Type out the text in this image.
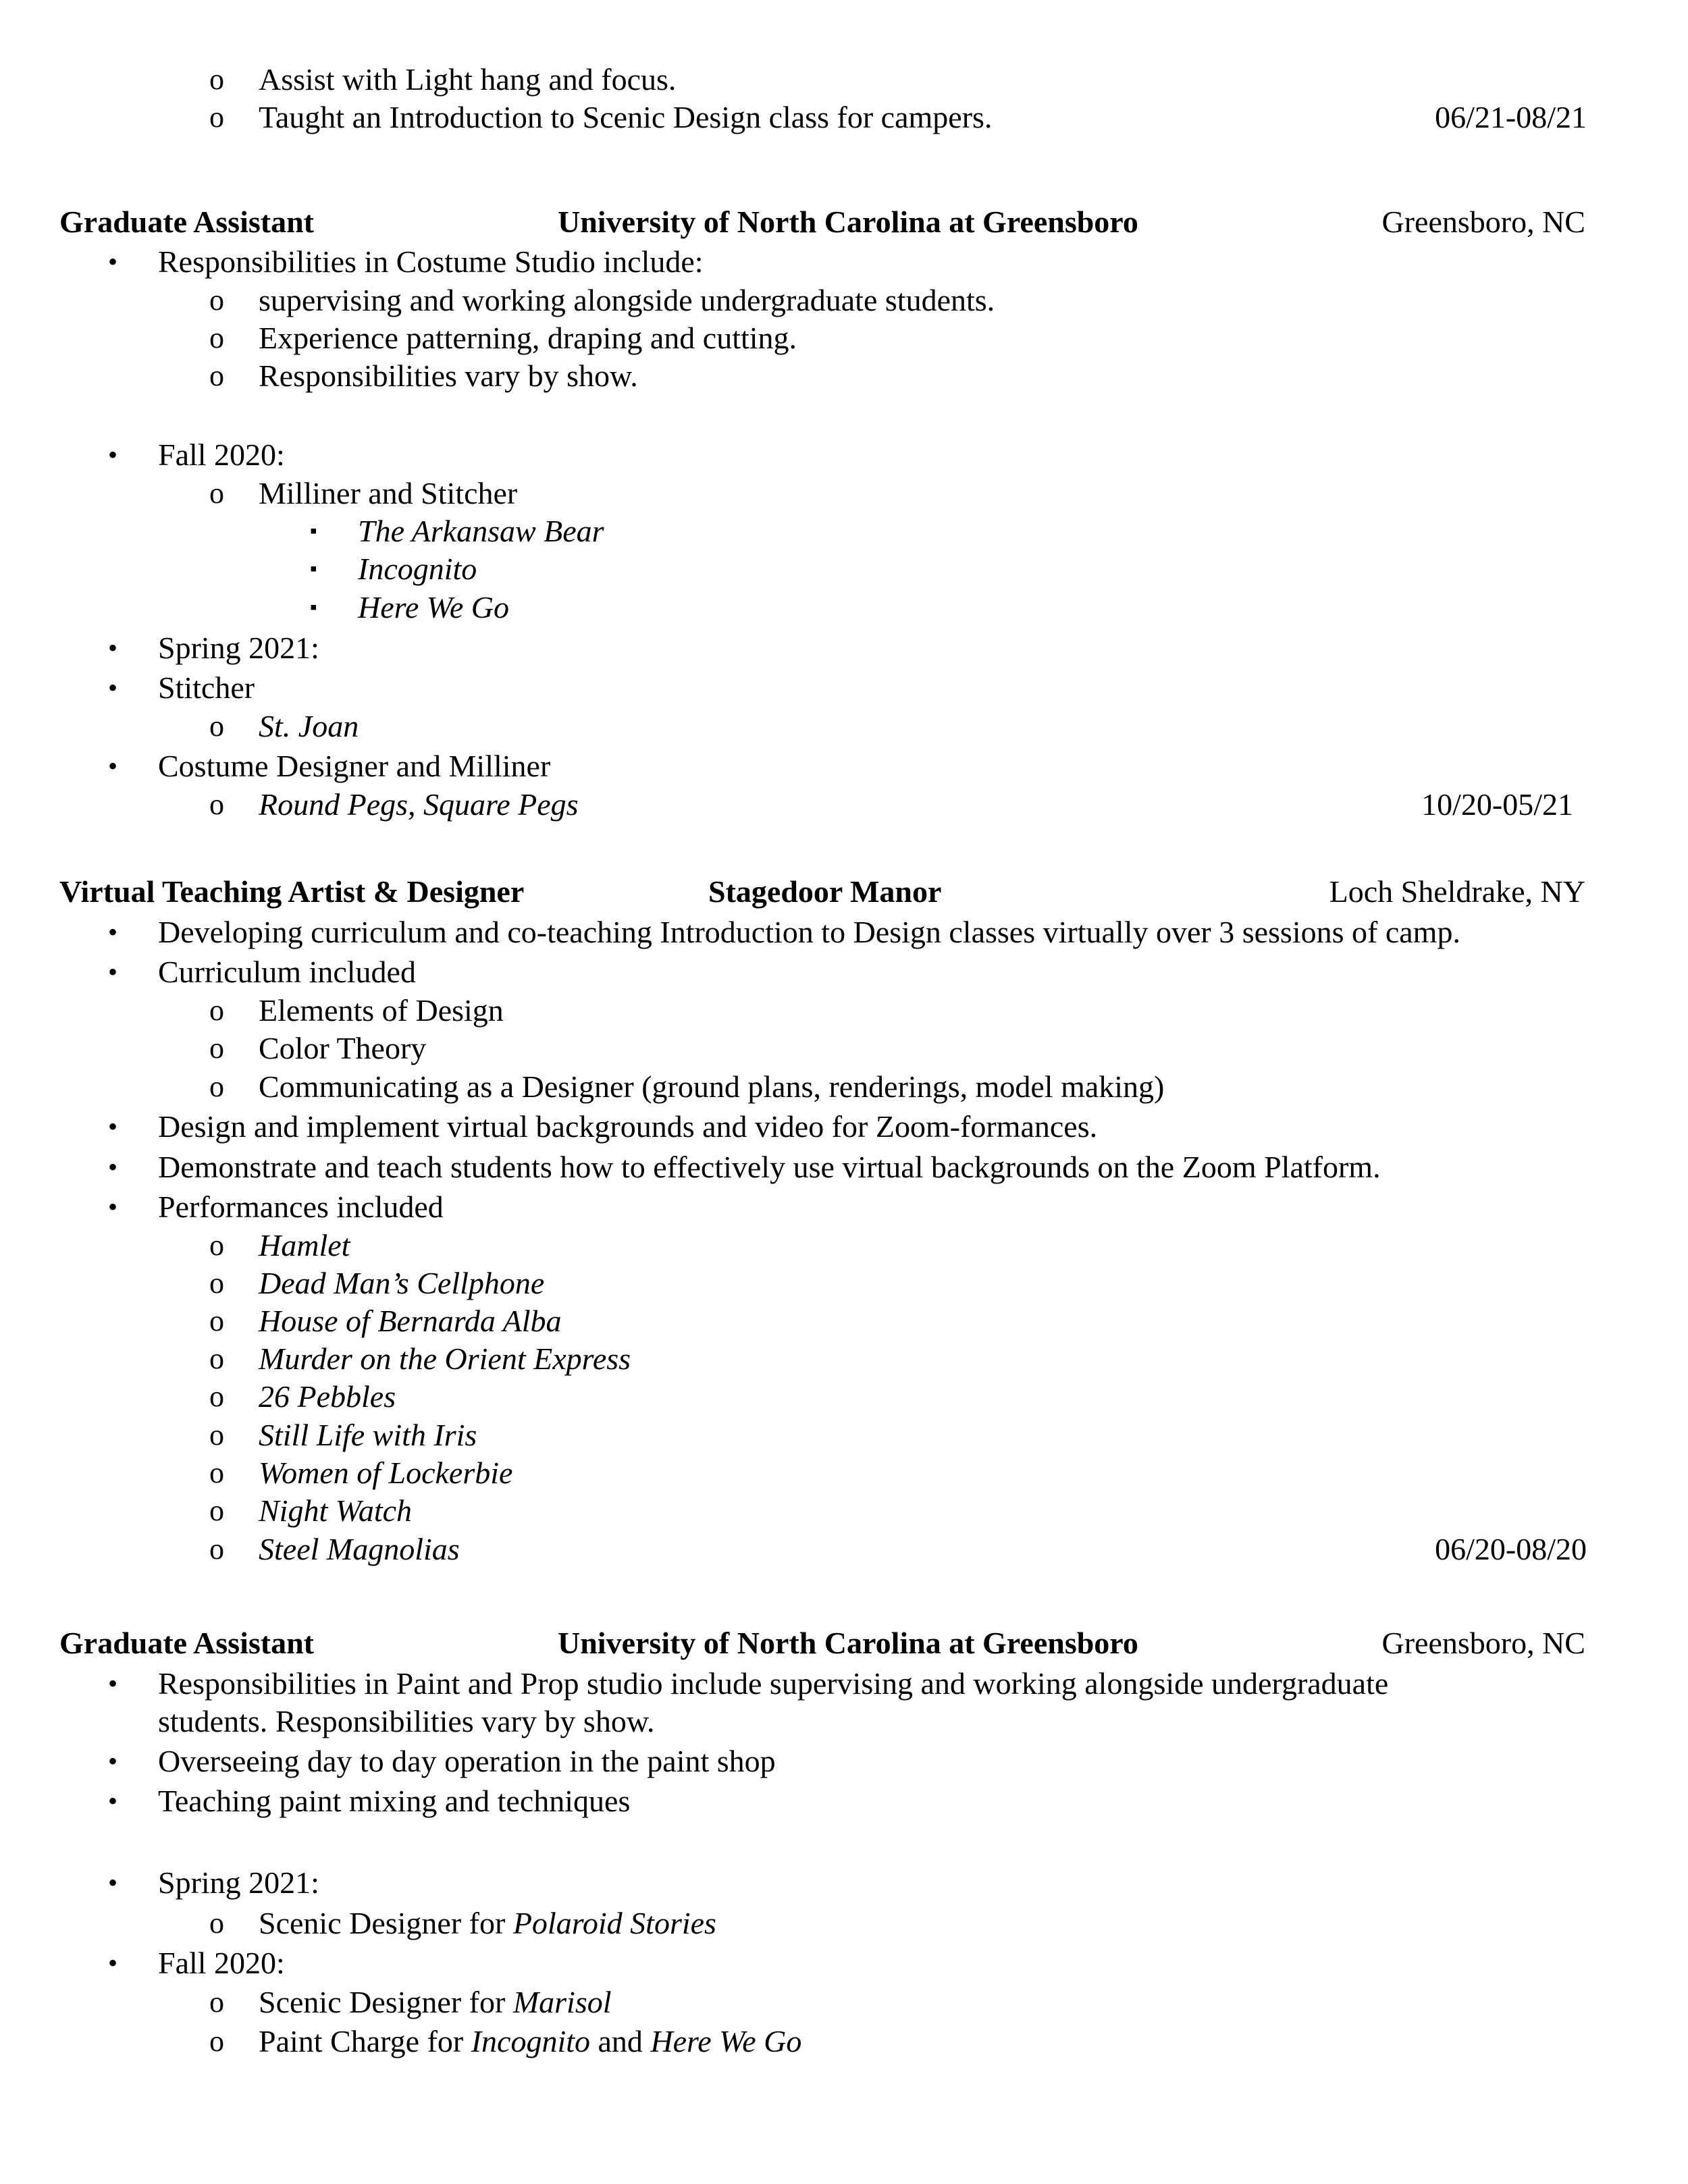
o Assist with Light hang and focus.
o Taught an Introduction to Scenic Design class for campers.	06/21-08/21
Graduate Assistant	University of North Carolina at Greensboro	Greensboro, NC
• Responsibilities in Costume Studio include:
o supervising and working alongside undergraduate students.
o Experience patterning, draping and cutting.
o Responsibilities vary by show.
• Fall 2020:
o Milliner and Stitcher
▪ The Arkansaw Bear
▪ Incognito
▪ Here We Go
• Spring 2021:
• Stitcher
o St. Joan
• Costume Designer and Milliner
o Round Pegs, Square Pegs	10/20-05/21
Virtual Teaching Artist & Designer	Stagedoor Manor	Loch Sheldrake, NY
• Developing curriculum and co-teaching Introduction to Design classes virtually over 3 sessions of camp.
• Curriculum included
o Elements of Design
o Color Theory
o Communicating as a Designer (ground plans, renderings, model making)
• Design and implement virtual backgrounds and video for Zoom-formances.
• Demonstrate and teach students how to effectively use virtual backgrounds on the Zoom Platform.
• Performances included
o Hamlet
o Dead Man’s Cellphone
o House of Bernarda Alba
o Murder on the Orient Express
o 26 Pebbles
o Still Life with Iris
o Women of Lockerbie
o Night Watch
o Steel Magnolias	06/20-08/20
Graduate Assistant	University of North Carolina at Greensboro	Greensboro, NC
• Responsibilities in Paint and Prop studio include supervising and working alongside undergraduate
students. Responsibilities vary by show.
• Overseeing day to day operation in the paint shop
• Teaching paint mixing and techniques
• Spring 2021:
o Scenic Designer for Polaroid Stories
• Fall 2020:
o Scenic Designer for Marisol
o Paint Charge for Incognito and Here We Go
